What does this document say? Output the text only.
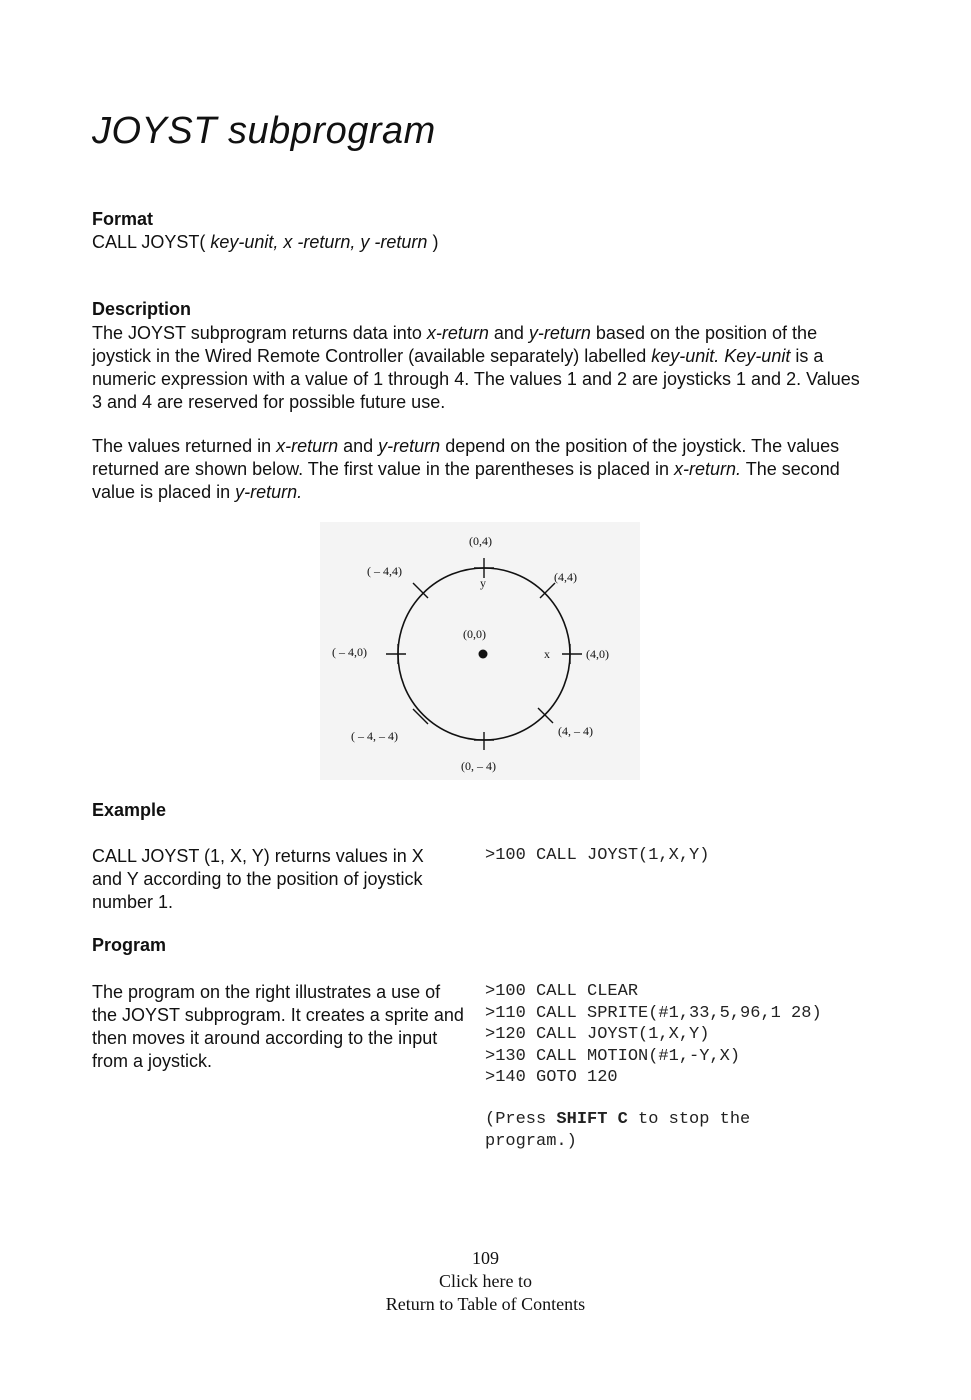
JOYST subprogram
Format
CALL JOYST( key-unit, x -return, y -return )
Description

The JOYST subprogram returns data into x-return and y-return based on the position of the joystick in the Wired Remote Controller (available separately) labelled key-unit. Key-unit is a numeric expression with a value of 1 through 4. The values 1 and 2 are joysticks 1 and 2. Values 3 and 4 are reserved for possible future use.

The values returned in x-return and y-return depend on the position of the joystick. The values returned are shown below. The first value in the parentheses is placed in x-return. The second value is placed in y-return.

(0,4)
( – 4,4)	(4,4)
y
(0,0)
( – 4,0)	x	(4,0)
( – 4, – 4)	(4, – 4)
(0, – 4)
Example

CALL JOYST (1, X, Y) returns values in X and Y according to the position of joystick number 1.

>100 CALL JOYST(1,X,Y)
Program

The program on the right illustrates a use of the JOYST subprogram. It creates a sprite and then moves it around according to the input from a joystick.

>100 CALL CLEAR
>110 CALL SPRITE(#1,33,5,96,1 28)
>120 CALL JOYST(1,X,Y)
>130 CALL MOTION(#1,-Y,X)
>140 GOTO 120
(Press SHIFT C to stop the
program.)
109
Click here to
Return to Table of Contents
